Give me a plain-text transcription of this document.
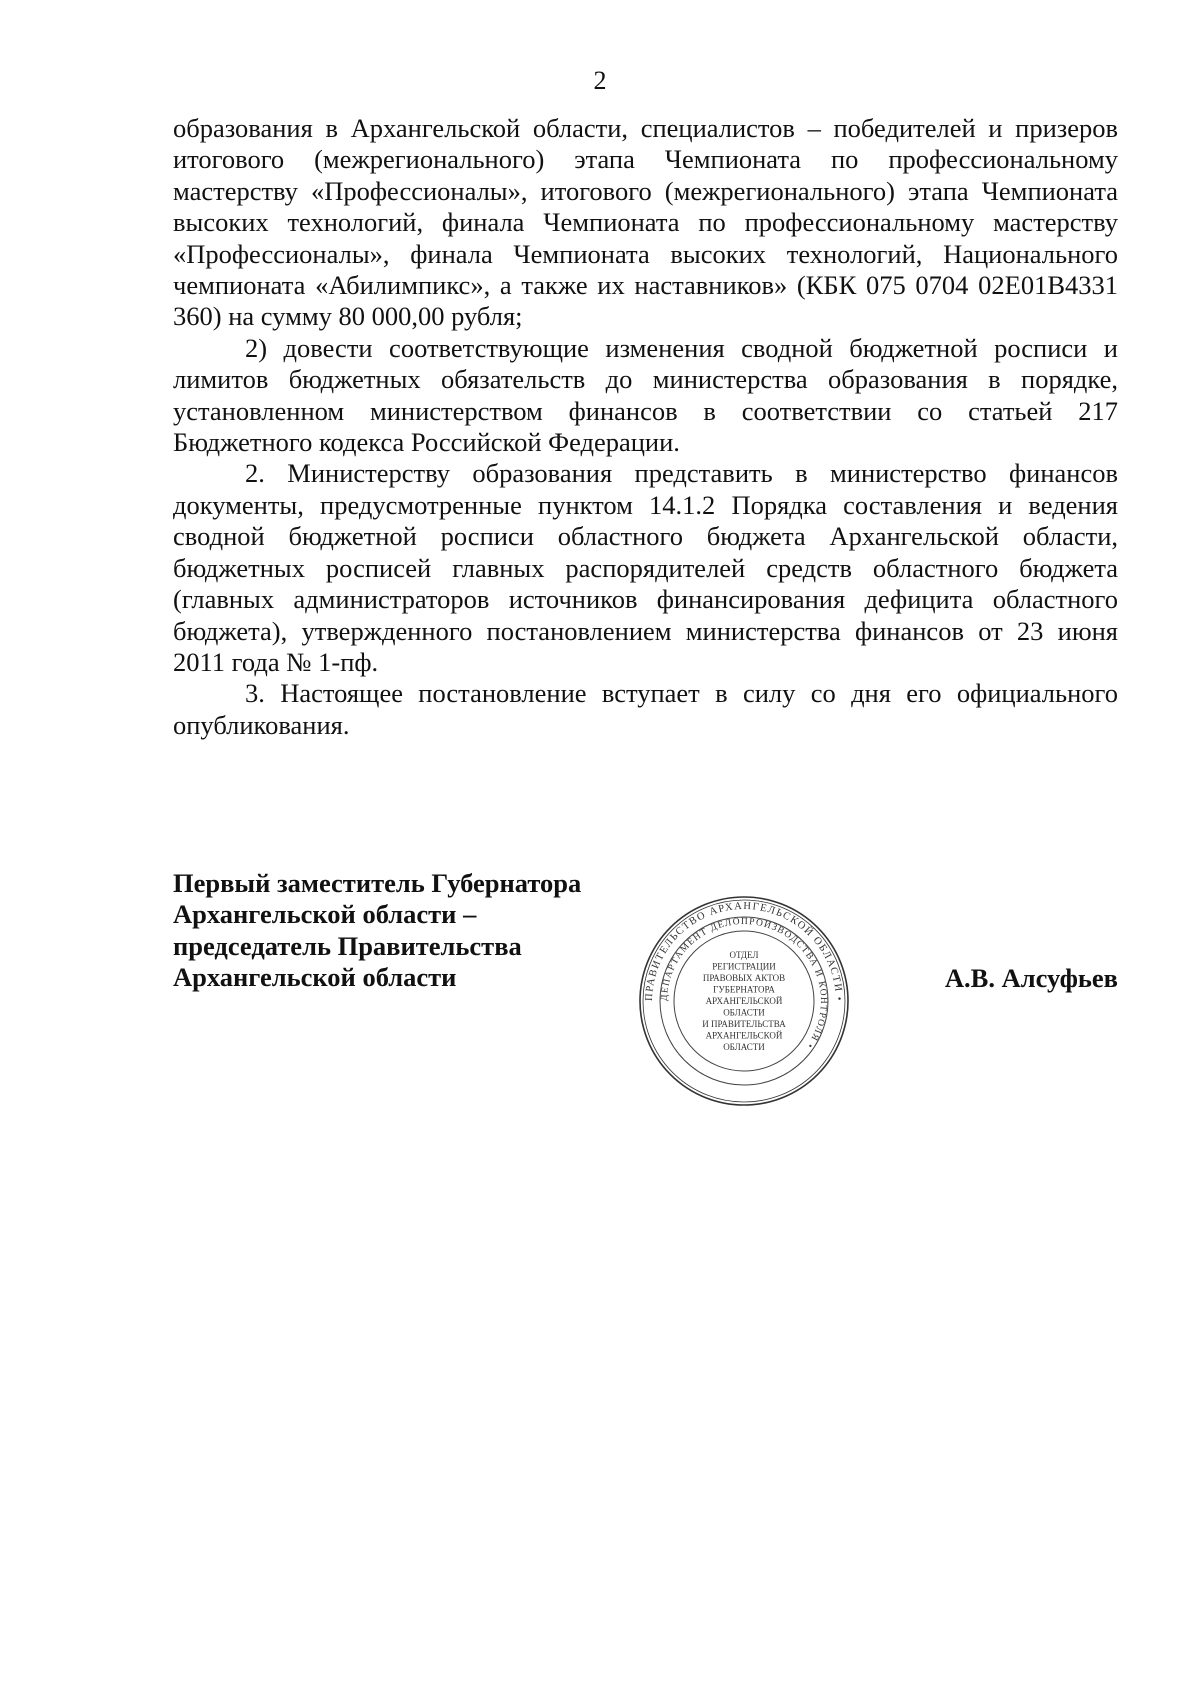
2

образования в Архангельской области, специалистов – победителей и призеров итогового (межрегионального) этапа Чемпионата по профессиональному мастерству «Профессионалы», итогового (межрегионального) этапа Чемпионата высоких технологий, финала Чемпионата по профессиональному мастерству «Профессионалы», финала Чемпионата высоких технологий, Национального чемпионата «Абилимпикс», а также их наставников» (КБК 075 0704 02Е01В4331 360) на сумму 80 000,00 рубля;

2) довести соответствующие изменения сводной бюджетной росписи и лимитов бюджетных обязательств до министерства образования в порядке, установленном министерством финансов в соответствии со статьей 217 Бюджетного кодекса Российской Федерации.

2. Министерству образования представить в министерство финансов документы, предусмотренные пунктом 14.1.2 Порядка составления и ведения сводной бюджетной росписи областного бюджета Архангельской области, бюджетных росписей главных распорядителей средств областного бюджета (главных администраторов источников финансирования дефицита областного бюджета), утвержденного постановлением министерства финансов от 23 июня 2011 года № 1-пф.

3. Настоящее постановление вступает в силу со дня его официального опубликования.

Первый заместитель Губернатора
Архангельской области –
председатель Правительства
Архангельской области
ПРАВИТЕЛЬСТВО АРХАНГЕЛЬСКОЙ ОБЛАСТИ •
ДЕПАРТАМЕНТ ДЕЛОПРОИЗВОДСТВА И КОНТРОЛЯ •
ОТДЕЛ
РЕГИСТРАЦИИ
ПРАВОВЫХ АКТОВ
ГУБЕРНАТОРА
АРХАНГЕЛЬСКОЙ
ОБЛАСТИ
И ПРАВИТЕЛЬСТВА
АРХАНГЕЛЬСКОЙ
ОБЛАСТИ
А.В. Алсуфьев
